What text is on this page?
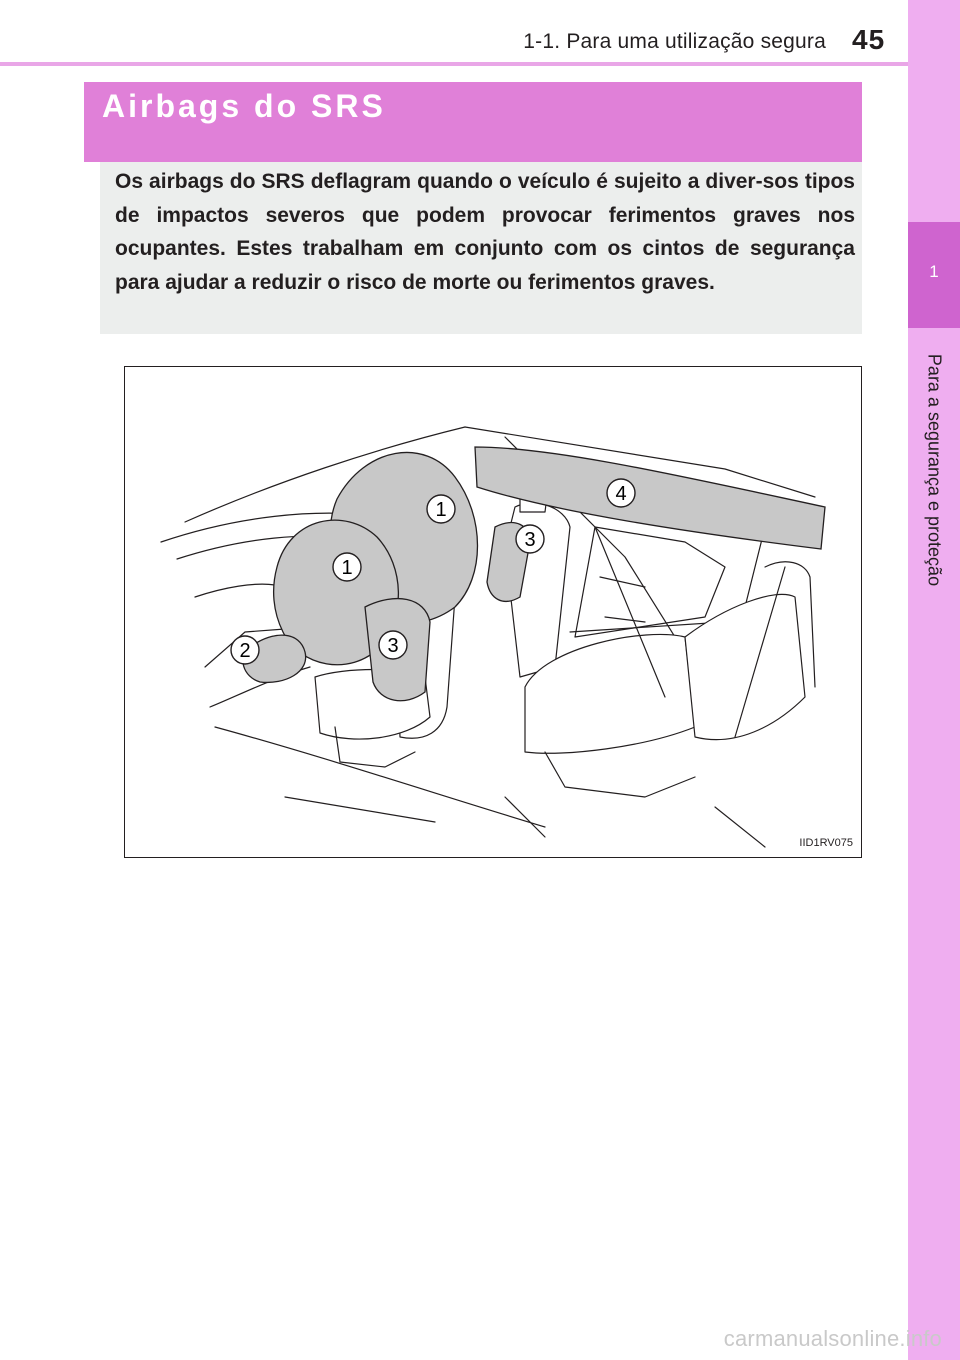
1-1. Para uma utilização segura 45
1
Para a segurança e proteção
Airbags do SRS
Os airbags do SRS deflagram quando o veículo é sujeito a diver-sos tipos de impactos severos que podem provocar ferimentos graves nos ocupantes. Estes trabalham em conjunto com os cintos de segurança para ajudar a reduzir o risco de morte ou ferimentos graves.
1
1
2	3
3
4
IID1RV075
carmanualsonline.info
